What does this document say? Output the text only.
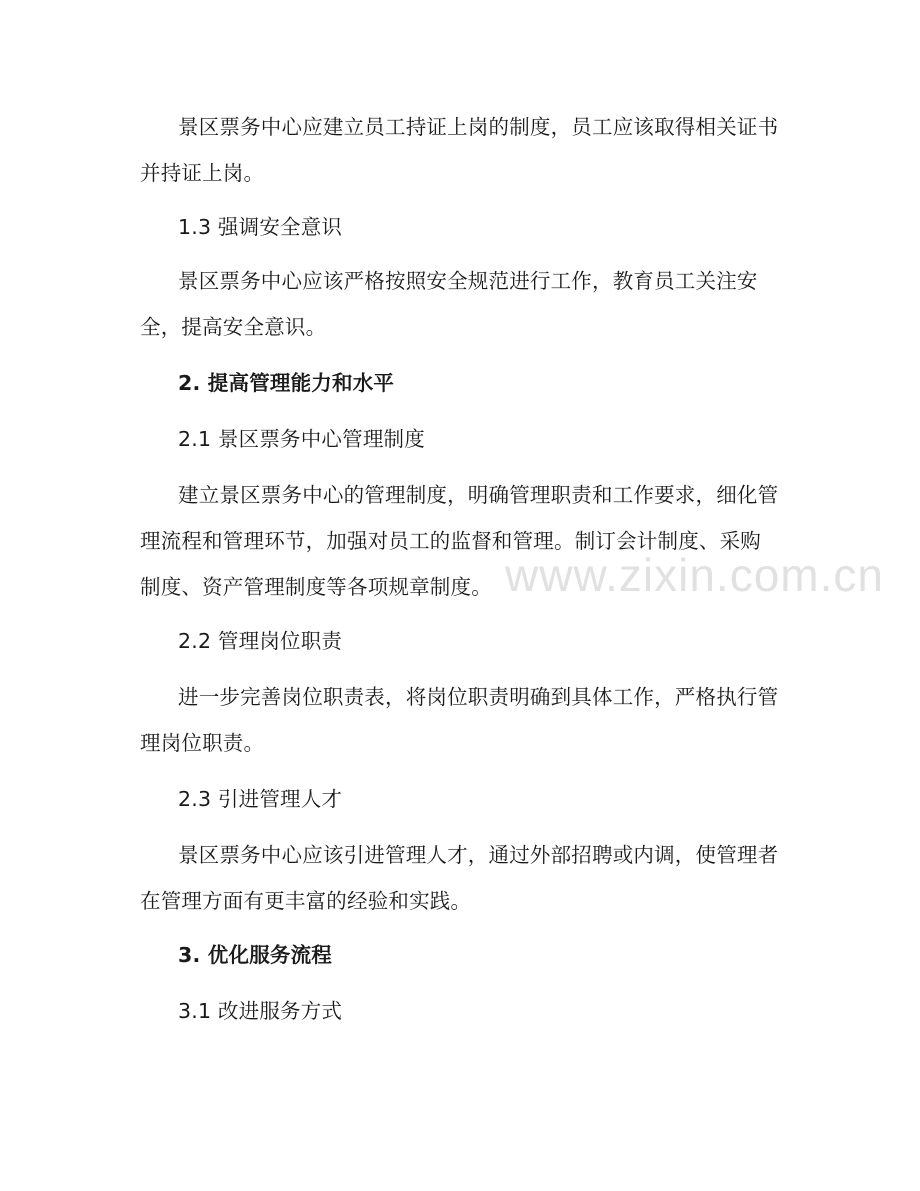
景区票务中心应建立员工持证上岗的制度，员工应该取得相关证书并持证上岗。

1.3 强调安全意识

景区票务中心应该严格按照安全规范进行工作，教育员工关注安全，提高安全意识。

2. 提高管理能力和水平

2.1 景区票务中心管理制度

建立景区票务中心的管理制度，明确管理职责和工作要求，细化管理流程和管理环节，加强对员工的监督和管理。制订会计制度、采购制度、资产管理制度等各项规章制度。

2.2 管理岗位职责

进一步完善岗位职责表，将岗位职责明确到具体工作，严格执行管理岗位职责。

2.3 引进管理人才

景区票务中心应该引进管理人才，通过外部招聘或内调，使管理者在管理方面有更丰富的经验和实践。

3. 优化服务流程

3.1 改进服务方式

www.zixin.com.cn
